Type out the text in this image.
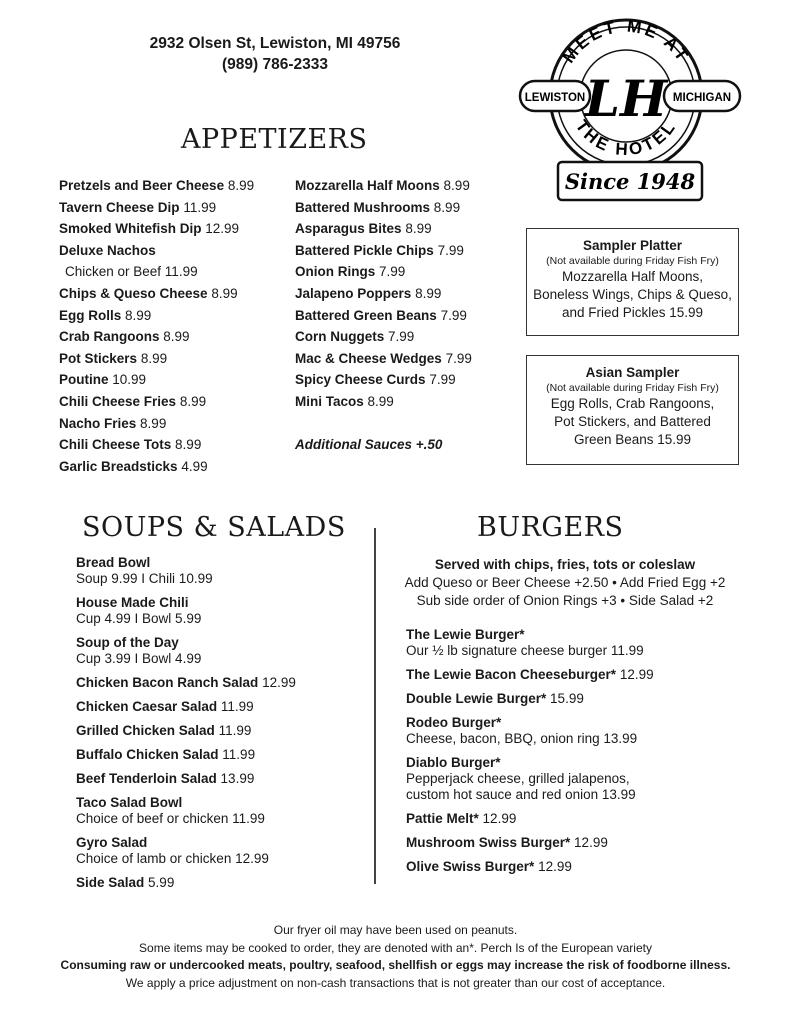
2932 Olsen St, Lewiston, MI 49756
(989) 786-2333
LEWISTON	MICHIGAN
MEET ME AT
THE HOTEL
LH
Since 1948
APPETIZERS
Pretzels and Beer Cheese 8.99
Tavern Cheese Dip 11.99
Smoked Whitefish Dip 12.99
Deluxe Nachos
Chicken or Beef 11.99
Chips & Queso Cheese 8.99
Egg Rolls 8.99
Crab Rangoons 8.99
Pot Stickers 8.99
Poutine 10.99
Chili Cheese Fries 8.99
Nacho Fries 8.99
Chili Cheese Tots 8.99
Garlic Breadsticks 4.99
Mozzarella Half Moons 8.99
Battered Mushrooms 8.99
Asparagus Bites 8.99
Battered Pickle Chips 7.99
Onion Rings 7.99
Jalapeno Poppers 8.99
Battered Green Beans 7.99
Corn Nuggets 7.99
Mac & Cheese Wedges 7.99
Spicy Cheese Curds 7.99
Mini Tacos 8.99
Additional Sauces +.50
Sampler Platter
(Not available during Friday Fish Fry)
Mozzarella Half Moons,
Boneless Wings, Chips & Queso,
and Fried Pickles 15.99
Asian Sampler
(Not available during Friday Fish Fry)
Egg Rolls, Crab Rangoons,
Pot Stickers, and Battered
Green Beans 15.99
SOUPS & SALADS
Bread Bowl
Soup 9.99 I Chili 10.99
House Made Chili
Cup 4.99 I Bowl 5.99
Soup of the Day
Cup 3.99 I Bowl 4.99
Chicken Bacon Ranch Salad 12.99
Chicken Caesar Salad 11.99
Grilled Chicken Salad 11.99
Buffalo Chicken Salad 11.99
Beef Tenderloin Salad 13.99
Taco Salad Bowl
Choice of beef or chicken 11.99
Gyro Salad
Choice of lamb or chicken 12.99
Side Salad 5.99
BURGERS
Served with chips, fries, tots or coleslaw
Add Queso or Beer Cheese +2.50 • Add Fried Egg +2
Sub side order of Onion Rings +3 • Side Salad +2
The Lewie Burger*
Our ½ lb signature cheese burger 11.99
The Lewie Bacon Cheeseburger* 12.99
Double Lewie Burger* 15.99
Rodeo Burger*
Cheese, bacon, BBQ, onion ring 13.99
Diablo Burger*
Pepperjack cheese, grilled jalapenos,
custom hot sauce and red onion 13.99
Pattie Melt* 12.99
Mushroom Swiss Burger* 12.99
Olive Swiss Burger* 12.99
Our fryer oil may have been used on peanuts.
Some items may be cooked to order, they are denoted with an*. Perch Is of the European variety
Consuming raw or undercooked meats, poultry, seafood, shellfish or eggs may increase the risk of foodborne illness.
We apply a price adjustment on non-cash transactions that is not greater than our cost of acceptance.
